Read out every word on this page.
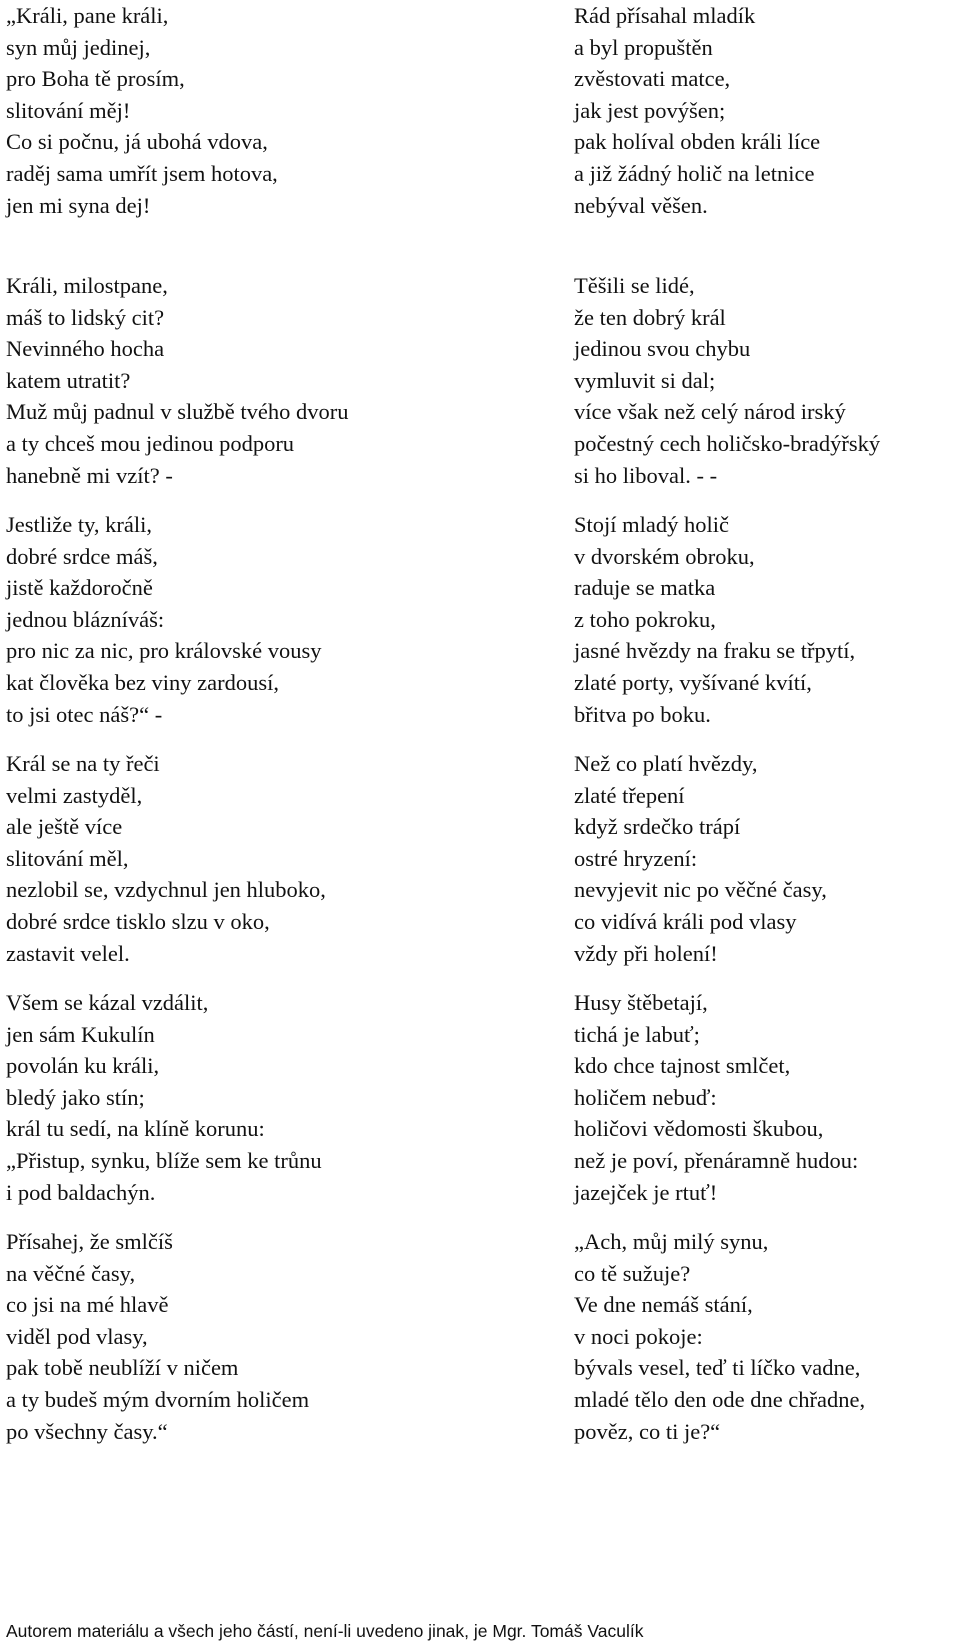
„Králi, pane králi,
syn můj jedinej,
pro Boha tě prosím,
slitování měj!
Co si počnu, já ubohá vdova,
raděj sama umřít jsem hotova,
jen mi syna dej!
Králi, milostpane,
máš to lidský cit?
Nevinného hocha
katem utratit?
Muž můj padnul v službě tvého dvoru
a ty chceš mou jedinou podporu
hanebně mi vzít? -
Jestliže ty, králi,
dobré srdce máš,
jistě každoročně
jednou blázníváš:
pro nic za nic, pro královské vousy
kat člověka bez viny zardousí,
to jsi otec náš?“ -
Král se na ty řeči
velmi zastyděl,
ale ještě více
slitování měl,
nezlobil se, vzdychnul jen hluboko,
dobré srdce tisklo slzu v oko,
zastavit velel.
Všem se kázal vzdálit,
jen sám Kukulín
povolán ku králi,
bledý jako stín;
král tu sedí, na klíně korunu:
„Přistup, synku, blíže sem ke trůnu
i pod baldachýn.
Přísahej, že smlčíš
na věčné časy,
co jsi na mé hlavě
viděl pod vlasy,
pak tobě neublíží v ničem
a ty budeš mým dvorním holičem
po všechny časy.“
Rád přísahal mladík
a byl propuštěn
zvěstovati matce,
jak jest povýšen;
pak holíval obden králi líce
a již žádný holič na letnice
nebýval věšen.
Těšili se lidé,
že ten dobrý král
jedinou svou chybu
vymluvit si dal;
více však než celý národ irský
počestný cech holičsko-bradýřský
si ho liboval. - -
Stojí mladý holič
v dvorském obroku,
raduje se matka
z toho pokroku,
jasné hvězdy na fraku se třpytí,
zlaté porty, vyšívané kvítí,
břitva po boku.
Než co platí hvězdy,
zlaté třepení
když srdečko trápí
ostré hryzení:
nevyjevit nic po věčné časy,
co vidívá králi pod vlasy
vždy při holení!
Husy štěbetají,
tichá je labuť;
kdo chce tajnost smlčet,
holičem nebuď:
holičovi vědomosti škubou,
než je poví, přenáramně hudou:
jazejček je rtuť!
„Ach, můj milý synu,
co tě sužuje?
Ve dne nemáš stání,
v noci pokoje:
bývals vesel, teď ti líčko vadne,
mladé tělo den ode dne chřadne,
pověz, co ti je?“
Autorem materiálu a všech jeho částí, není-li uvedeno jinak, je Mgr. Tomáš Vaculík
